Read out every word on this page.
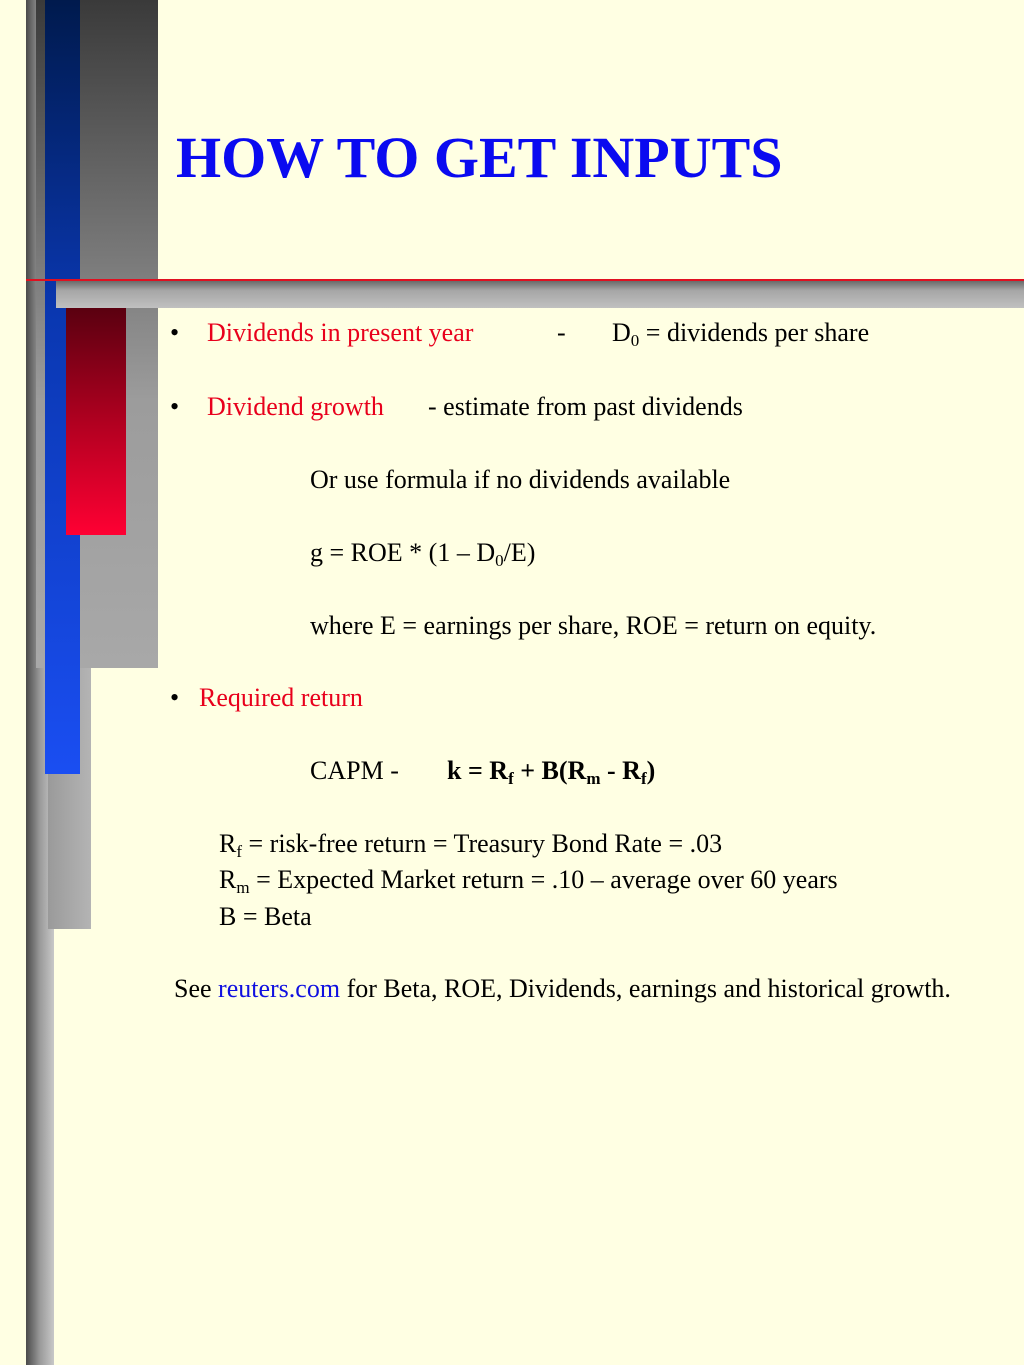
HOW TO GET INPUTS
• Dividends in present year	- $D_0$ = dividends per share
• Dividend growth - estimate from past dividends
Or use formula if no dividends available
g = ROE * $(1 - D_0/E)$
where E = earnings per share, ROE = return on equity.
• Required return
CAPM - $k = R_f + B(R_m - R_f)$
$R_f$ = risk-free return = Treasury Bond Rate = .03
$R_m$ = Expected Market return = .10 – average over 60 years
B = Beta
See reuters.com for Beta, ROE, Dividends, earnings and historical growth.
